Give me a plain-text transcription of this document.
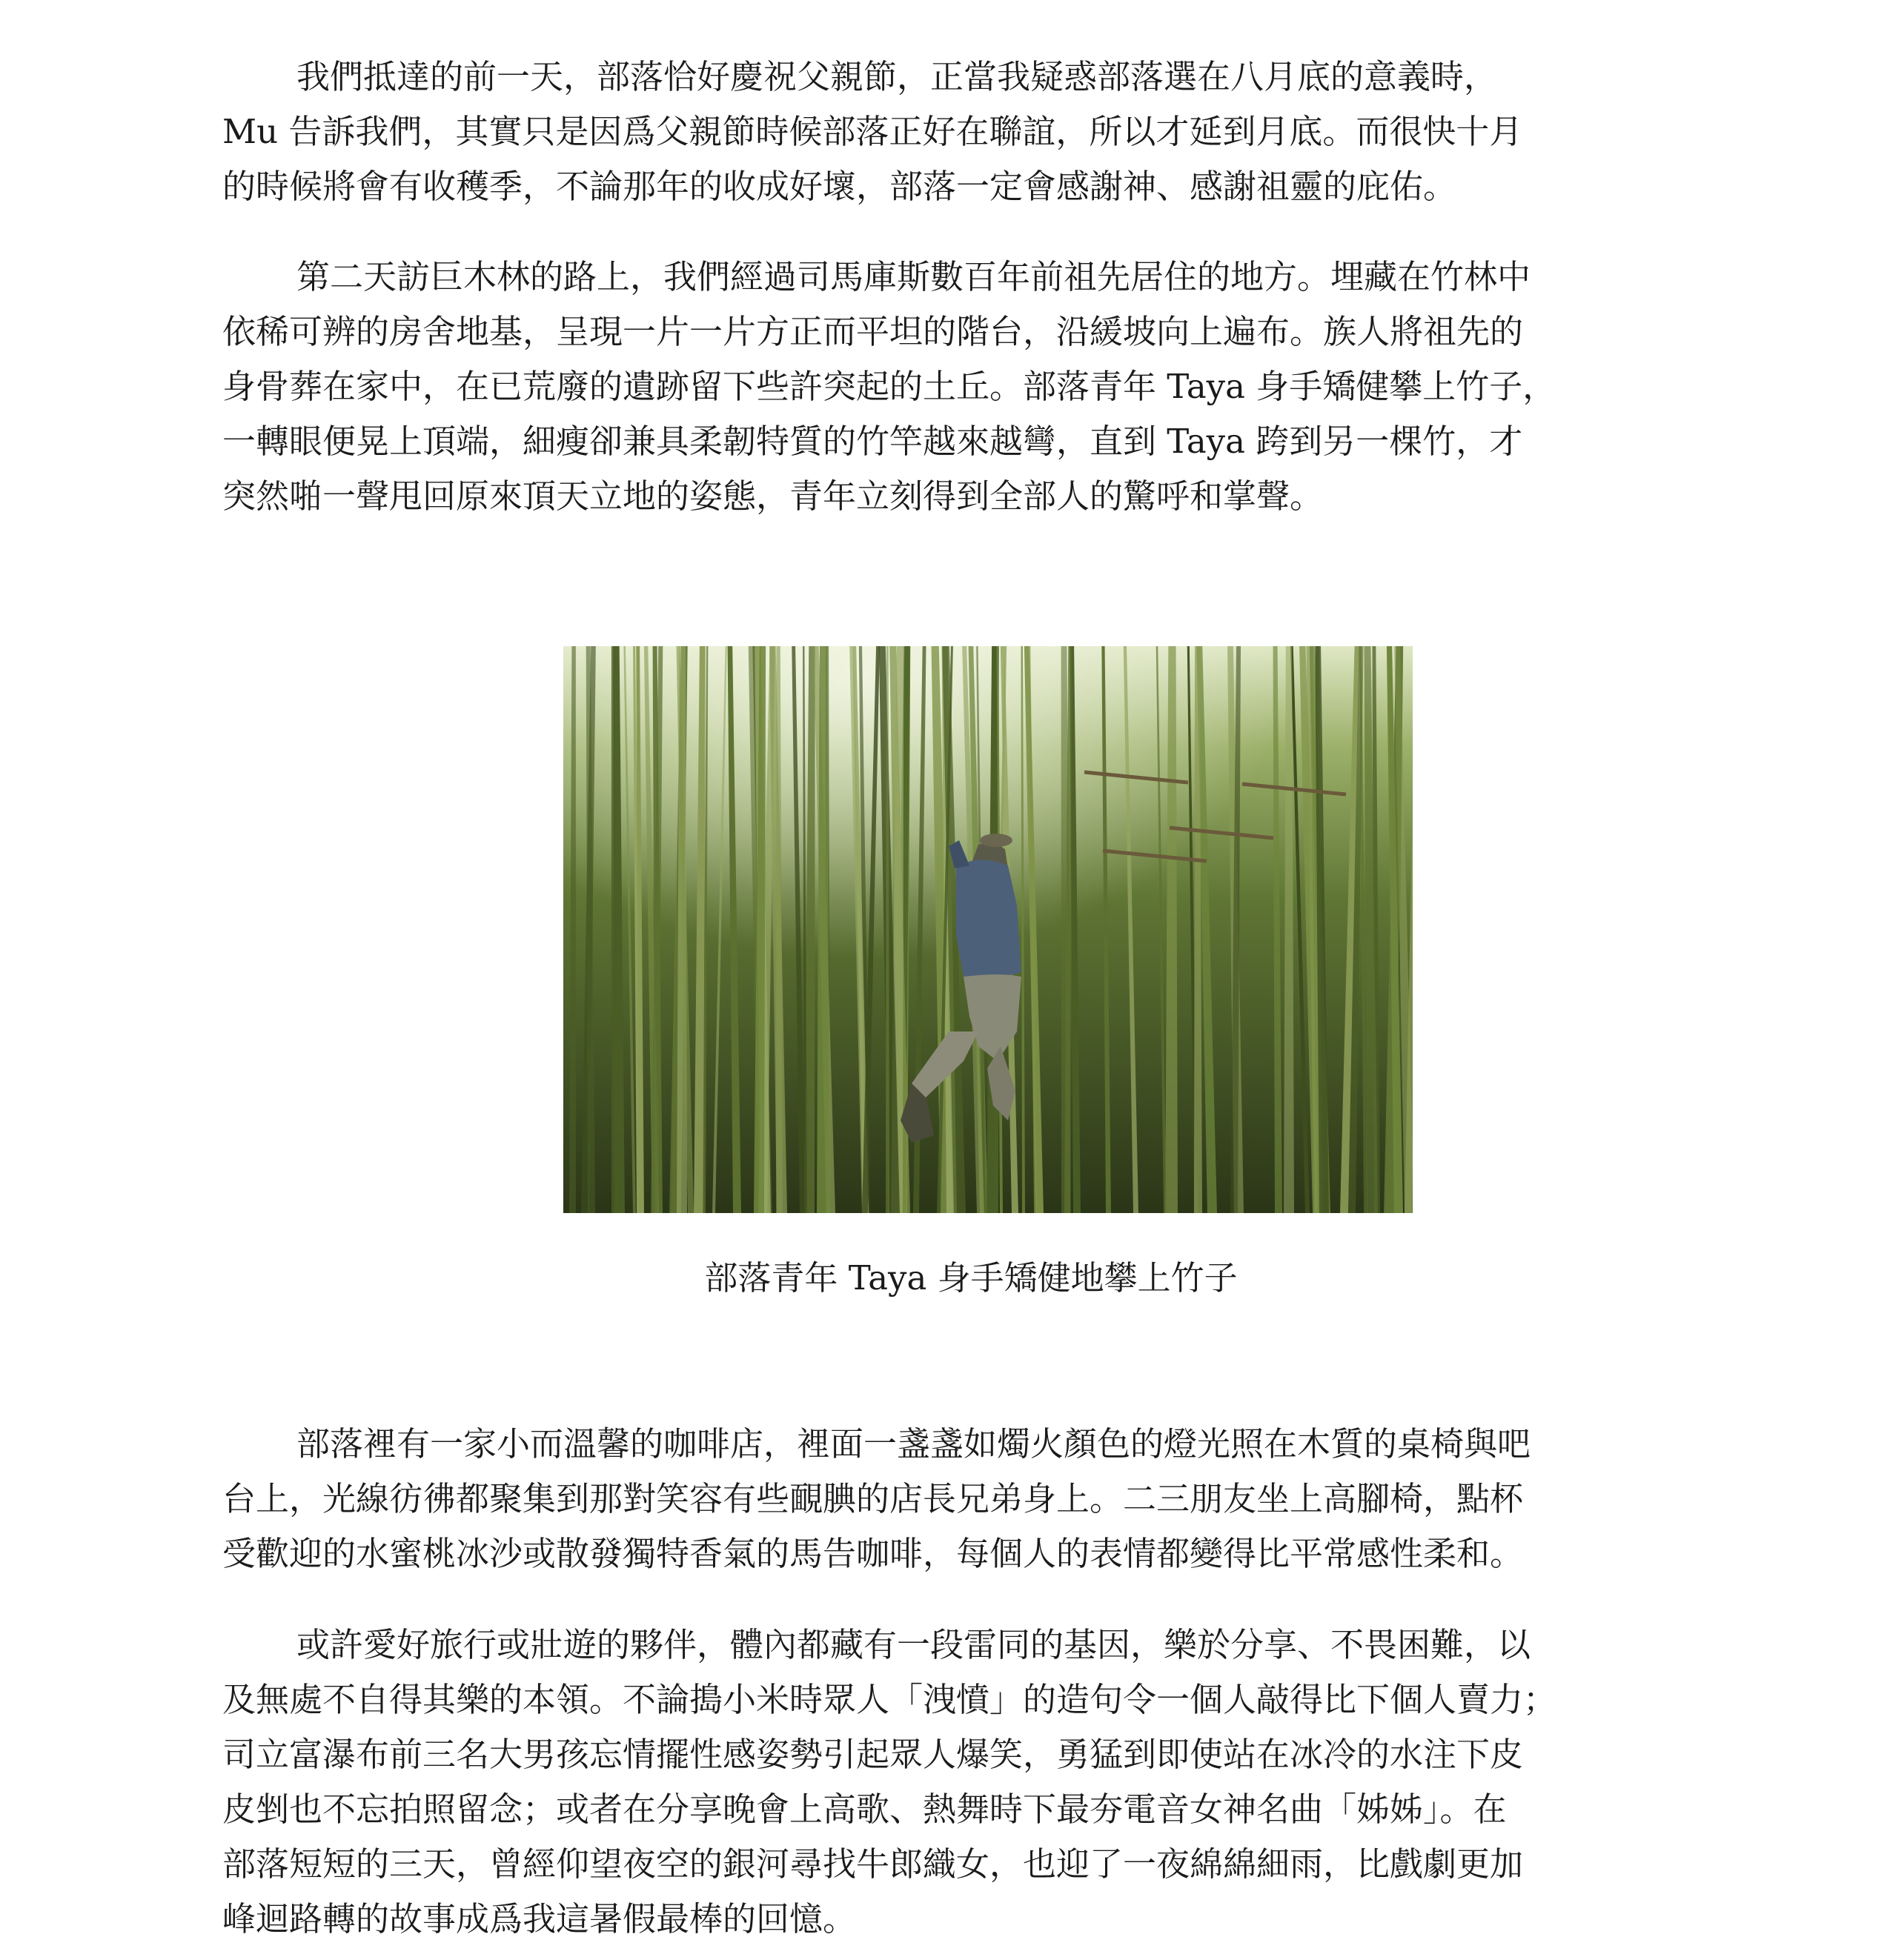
我們抵達的前一天，部落恰好慶祝父親節，正當我疑惑部落選在八月底的意義時，
Mu 告訴我們，其實只是因爲父親節時候部落正好在聯誼，所以才延到月底。而很快十月
的時候將會有收穫季，不論那年的收成好壞，部落一定會感謝神、感謝祖靈的庇佑。
第二天訪巨木林的路上，我們經過司馬庫斯數百年前祖先居住的地方。埋藏在竹林中
依稀可辨的房舍地基，呈現一片一片方正而平坦的階台，沿緩坡向上遍布。族人將祖先的
身骨葬在家中，在已荒廢的遺跡留下些許突起的土丘。部落青年 Taya 身手矯健攀上竹子，
一轉眼便晃上頂端，細瘦卻兼具柔韌特質的竹竿越來越彎，直到 Taya 跨到另一棵竹，才
突然啪一聲甩回原來頂天立地的姿態，青年立刻得到全部人的驚呼和掌聲。

部落青年 Taya 身手矯健地攀上竹子

部落裡有一家小而溫馨的咖啡店，裡面一盞盞如燭火顏色的燈光照在木質的桌椅與吧
台上，光線彷彿都聚集到那對笑容有些靦腆的店長兄弟身上。二三朋友坐上高腳椅，點杯
受歡迎的水蜜桃冰沙或散發獨特香氣的馬告咖啡，每個人的表情都變得比平常感性柔和。
或許愛好旅行或壯遊的夥伴，體內都藏有一段雷同的基因，樂於分享、不畏困難，以
及無處不自得其樂的本領。不論搗小米時眾人「洩憤」的造句令一個人敲得比下個人賣力；
司立富瀑布前三名大男孩忘情擺性感姿勢引起眾人爆笑，勇猛到即使站在冰冷的水注下皮
皮剉也不忘拍照留念；或者在分享晚會上高歌、熱舞時下最夯電音女神名曲「姊姊」。在
部落短短的三天，曾經仰望夜空的銀河尋找牛郎織女，也迎了一夜綿綿細雨，比戲劇更加
峰迴路轉的故事成爲我這暑假最棒的回憶。
